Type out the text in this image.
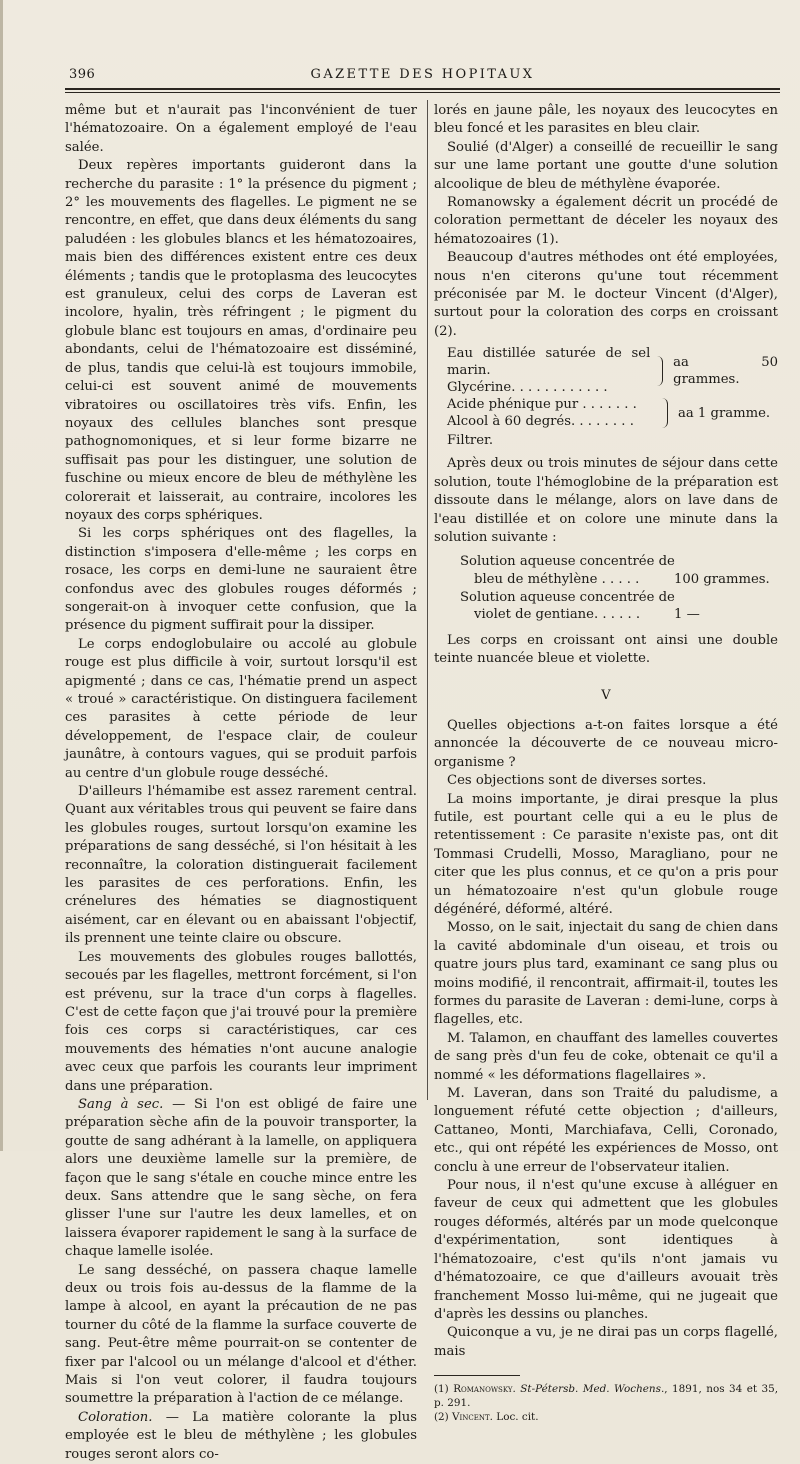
396	GAZETTE DES HOPITAUX

même but et n'aurait pas l'inconvénient de tuer l'hématozoaire. On a également employé de l'eau salée.

Deux repères importants guideront dans la recherche du parasite : 1° la présence du pigment ; 2° les mouvements des flagelles. Le pigment ne se rencontre, en effet, que dans deux éléments du sang paludéen : les globules blancs et les hématozoaires, mais bien des différences existent entre ces deux éléments ; tandis que le protoplasma des leucocytes est granuleux, celui des corps de Laveran est incolore, hyalin, très réfringent ; le pigment du globule blanc est toujours en amas, d'ordinaire peu abondants, celui de l'hématozoaire est disséminé, de plus, tandis que celui-là est toujours immobile, celui-ci est souvent animé de mouvements vibratoires ou oscillatoires très vifs. Enfin, les noyaux des cellules blanches sont presque pathognomoniques, et si leur forme bizarre ne suffisait pas pour les distinguer, une solution de fuschine ou mieux encore de bleu de méthylène les colorerait et laisserait, au contraire, incolores les noyaux des corps sphériques.

Si les corps sphériques ont des flagelles, la distinction s'imposera d'elle-même ; les corps en rosace, les corps en demi-lune ne sauraient être confondus avec des globules rouges déformés ; songerait-on à invoquer cette confusion, que la présence du pigment suffirait pour la dissiper.

Le corps endoglobulaire ou accolé au globule rouge est plus difficile à voir, surtout lorsqu'il est apigmenté ; dans ce cas, l'hématie prend un aspect « troué » caractéristique. On distinguera facilement ces parasites à cette période de leur développement, de l'espace clair, de couleur jaunâtre, à contours vagues, qui se produit parfois au centre d'un globule rouge desséché.

D'ailleurs l'hémamibe est assez rarement central. Quant aux véritables trous qui peuvent se faire dans les globules rouges, surtout lorsqu'on examine les préparations de sang desséché, si l'on hésitait à les reconnaître, la coloration distinguerait facilement les parasites de ces perforations. Enfin, les crénelures des hématies se diagnostiquent aisément, car en élevant ou en abaissant l'objectif, ils prennent une teinte claire ou obscure.

Les mouvements des globules rouges ballottés, secoués par les flagelles, mettront forcément, si l'on est prévenu, sur la trace d'un corps à flagelles. C'est de cette façon que j'ai trouvé pour la première fois ces corps si caractéristiques, car ces mouvements des hématies n'ont aucune analogie avec ceux que parfois les courants leur impriment dans une préparation.

Sang à sec. — Si l'on est obligé de faire une préparation sèche afin de la pouvoir transporter, la goutte de sang adhérant à la lamelle, on appliquera alors une deuxième lamelle sur la première, de façon que le sang s'étale en couche mince entre les deux. Sans attendre que le sang sèche, on fera glisser l'une sur l'autre les deux lamelles, et on laissera évaporer rapidement le sang à la surface de chaque lamelle isolée.

Le sang desséché, on passera chaque lamelle deux ou trois fois au-dessus de la flamme de la lampe à alcool, en ayant la précaution de ne pas tourner du côté de la flamme la surface couverte de sang. Peut-être même pourrait-on se contenter de fixer par l'alcool ou un mélange d'alcool et d'éther. Mais si l'on veut colorer, il faudra toujours soumettre la préparation à l'action de ce mélange.

Coloration. — La matière colorante la plus employée est le bleu de méthylène ; les globules rouges seront alors co-

lorés en jaune pâle, les noyaux des leucocytes en bleu foncé et les parasites en bleu clair.

Soulié (d'Alger) a conseillé de recueillir le sang sur une lame portant une goutte d'une solution alcoolique de bleu de méthylène évaporée.

Romanowsky a également décrit un procédé de coloration permettant de déceler les noyaux des hématozoaires (1).

Beaucoup d'autres méthodes ont été employées, nous n'en citerons qu'une tout récemment préconisée par M. le docteur Vincent (d'Alger), surtout pour la coloration des corps en croissant (2).

Eau distillée saturée de sel marin.
Glycérine. . . . . . . . . . . .
aa 50 grammes.
Acide phénique pur . . . . . . .
Alcool à 60 degrés. . . . . . . .
aa 1 gramme.
Filtrer.

Après deux ou trois minutes de séjour dans cette solution, toute l'hémoglobine de la préparation est dissoute dans le mélange, alors on lave dans de l'eau distillée et on colore une minute dans la solution suivante :

Solution aqueuse concentrée de
bleu de méthylène . . . . .	100 grammes.
Solution aqueuse concentrée de
violet de gentiane. . . . . .	1 —

Les corps en croissant ont ainsi une double teinte nuancée bleue et violette.

V

Quelles objections a-t-on faites lorsque a été annoncée la découverte de ce nouveau micro-organisme ?

Ces objections sont de diverses sortes.

La moins importante, je dirai presque la plus futile, est pourtant celle qui a eu le plus de retentissement : Ce parasite n'existe pas, ont dit Tommasi Crudelli, Mosso, Maragliano, pour ne citer que les plus connus, et ce qu'on a pris pour un hématozoaire n'est qu'un globule rouge dégénéré, déformé, altéré.

Mosso, on le sait, injectait du sang de chien dans la cavité abdominale d'un oiseau, et trois ou quatre jours plus tard, examinant ce sang plus ou moins modifié, il rencontrait, affirmait-il, toutes les formes du parasite de Laveran : demi-lune, corps à flagelles, etc.

M. Talamon, en chauffant des lamelles couvertes de sang près d'un feu de coke, obtenait ce qu'il a nommé « les déformations flagellaires ».

M. Laveran, dans son Traité du paludisme, a longuement réfuté cette objection ; d'ailleurs, Cattaneo, Monti, Marchiafava, Celli, Coronado, etc., qui ont répété les expériences de Mosso, ont conclu à une erreur de l'observateur italien.

Pour nous, il n'est qu'une excuse à alléguer en faveur de ceux qui admettent que les globules rouges déformés, altérés par un mode quelconque d'expérimentation, sont identiques à l'hématozoaire, c'est qu'ils n'ont jamais vu d'hématozoaire, ce que d'ailleurs avouait très franchement Mosso lui-même, qui ne jugeait que d'après les dessins ou planches.

Quiconque a vu, je ne dirai pas un corps flagellé, mais

(1) Romanowsky. St-Pétersb. Med. Wochens., 1891, nos 34 et 35, p. 291.

(2) Vincent. Loc. cit.
